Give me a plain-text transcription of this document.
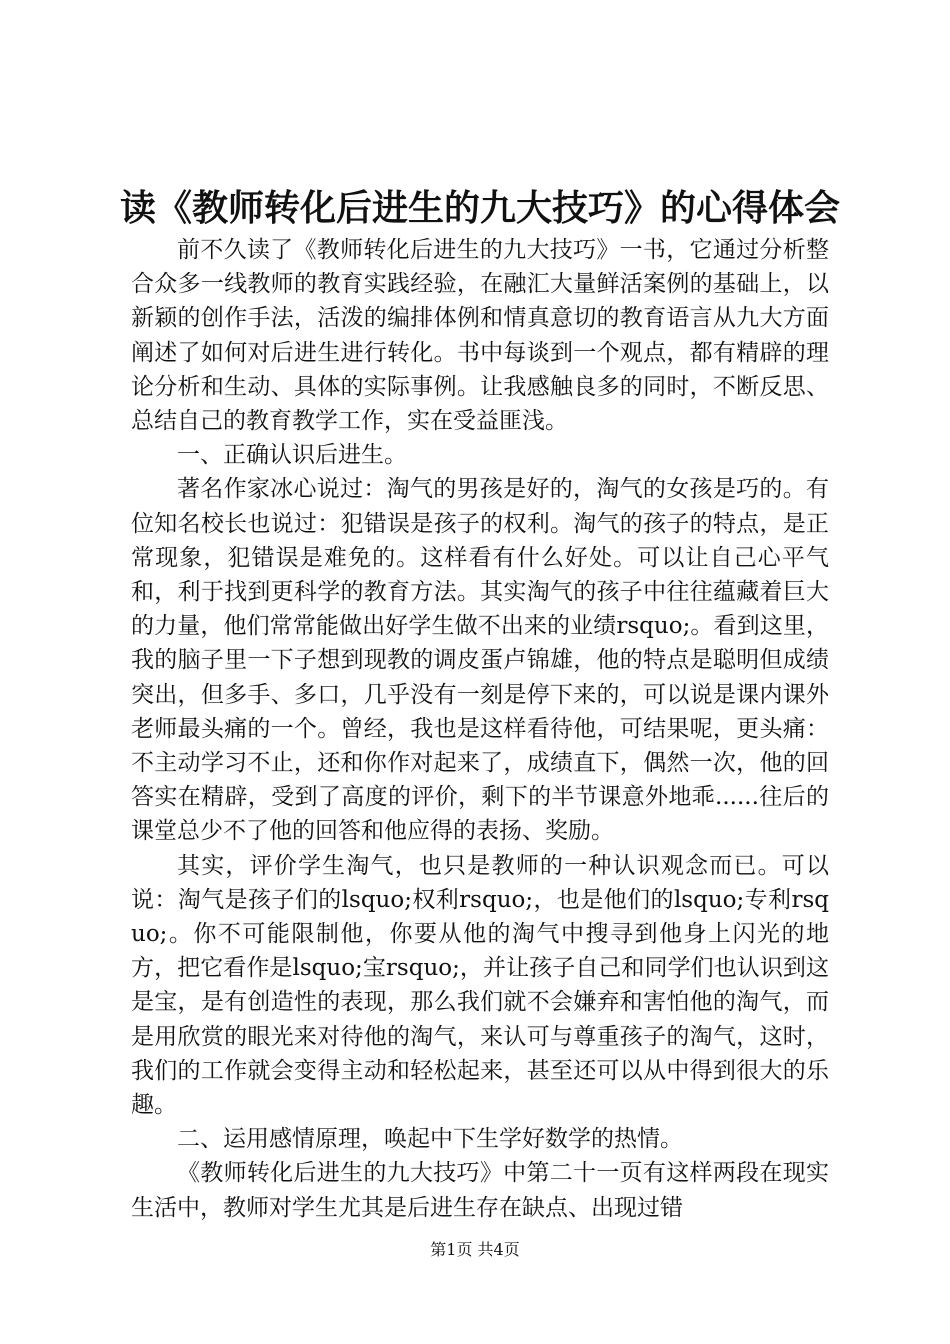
读《教师转化后进生的九大技巧》的心得体会

前不久读了《教师转化后进生的九大技巧》一书，它通过分析整合众多一线教师的教育实践经验，在融汇大量鲜活案例的基础上，以新颖的创作手法，活泼的编排体例和情真意切的教育语言从九大方面阐述了如何对后进生进行转化。书中每谈到一个观点，都有精辟的理论分析和生动、具体的实际事例。让我感触良多的同时，不断反思、总结自己的教育教学工作，实在受益匪浅。

一、正确认识后进生。

著名作家冰心说过：淘气的男孩是好的，淘气的女孩是巧的。有位知名校长也说过：犯错误是孩子的权利。淘气的孩子的特点，是正常现象，犯错误是难免的。这样看有什么好处。可以让自己心平气和，利于找到更科学的教育方法。其实淘气的孩子中往往蕴藏着巨大的力量，他们常常能做出好学生做不出来的业绩rsquo;。看到这里，我的脑子里一下子想到现教的调皮蛋卢锦雄，他的特点是聪明但成绩突出，但多手、多口，几乎没有一刻是停下来的，可以说是课内课外老师最头痛的一个。曾经，我也是这样看待他，可结果呢，更头痛：不主动学习不止，还和你作对起来了，成绩直下，偶然一次，他的回答实在精辟，受到了高度的评价，剩下的半节课意外地乖......往后的课堂总少不了他的回答和他应得的表扬、奖励。

其实，评价学生淘气，也只是教师的一种认识观念而已。可以说：淘气是孩子们的lsquo;权利rsquo;，也是他们的lsquo;专利rsquo;。你不可能限制他，你要从他的淘气中搜寻到他身上闪光的地方，把它看作是lsquo;宝rsquo;，并让孩子自己和同学们也认识到这是宝，是有创造性的表现，那么我们就不会嫌弃和害怕他的淘气，而是用欣赏的眼光来对待他的淘气，来认可与尊重孩子的淘气，这时，我们的工作就会变得主动和轻松起来，甚至还可以从中得到很大的乐趣。

二、运用感情原理，唤起中下生学好数学的热情。

《教师转化后进生的九大技巧》中第二十一页有这样两段在现实生活中，教师对学生尤其是后进生存在缺点、出现过错

第1页 共4页
